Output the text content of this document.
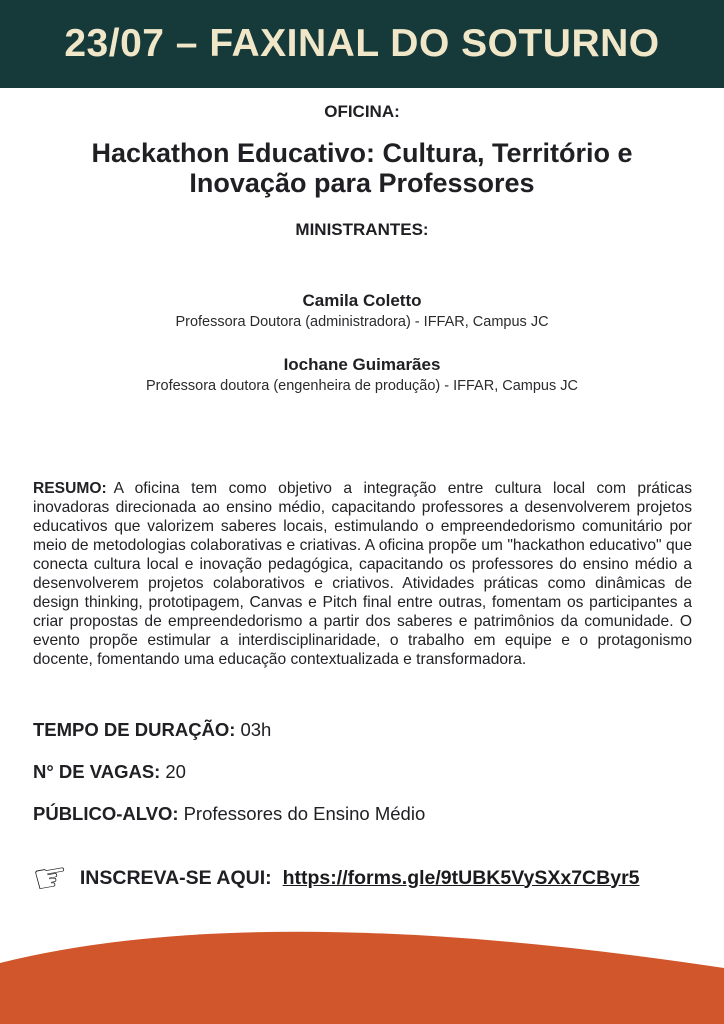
23/07 – FAXINAL DO SOTURNO
OFICINA:
Hackathon Educativo: Cultura, Território e Inovação para Professores
MINISTRANTES:
Camila Coletto
Professora Doutora (administradora) - IFFAR, Campus JC
Iochane Guimarães
Professora doutora (engenheira de produção) - IFFAR, Campus JC

RESUMO: A oficina tem como objetivo a integração entre cultura local com práticas inovadoras direcionada ao ensino médio, capacitando professores a desenvolverem projetos educativos que valorizem saberes locais, estimulando o empreendedorismo comunitário por meio de metodologias colaborativas e criativas. A oficina propõe um "hackathon educativo" que conecta cultura local e inovação pedagógica, capacitando os professores do ensino médio a desenvolverem projetos colaborativos e criativos. Atividades práticas como dinâmicas de design thinking, prototipagem, Canvas e Pitch final entre outras, fomentam os participantes a criar propostas de empreendedorismo a partir dos saberes e patrimônios da comunidade. O evento propõe estimular a interdisciplinaridade, o trabalho em equipe e o protagonismo docente, fomentando uma educação contextualizada e transformadora.

TEMPO DE DURAÇÃO: 03h
N° DE VAGAS: 20
PÚBLICO-ALVO: Professores do Ensino Médio
☞ INSCREVA-SE AQUI: https://forms.gle/9tUBK5VySXx7CByr5
